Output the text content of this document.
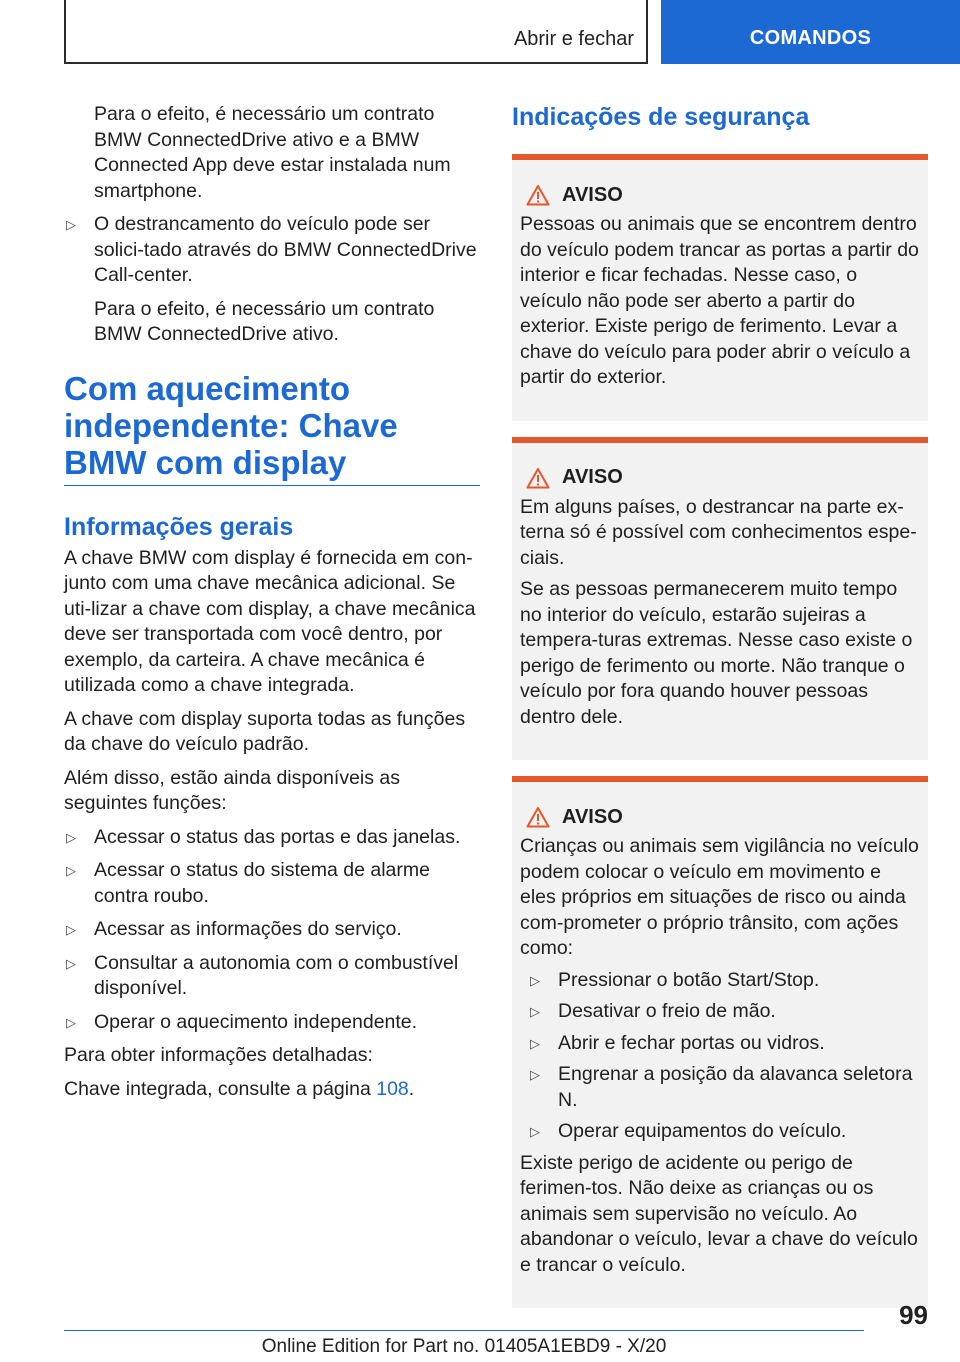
Abrir e fechar	COMANDOS

Para o efeito, é necessário um contrato BMW ConnectedDrive ativo e a BMW Connected App deve estar instalada num smartphone.

▷ O destrancamento do veículo pode ser solici‐tado através do BMW ConnectedDrive Call‐center.

Para o efeito, é necessário um contrato BMW ConnectedDrive ativo.

Com aquecimento independente: Chave BMW com display
Informações gerais

A chave BMW com display é fornecida em con‐junto com uma chave mecânica adicional. Se uti‐lizar a chave com display, a chave mecânica deve ser transportada com você dentro, por exemplo, da carteira. A chave mecânica é utilizada como a chave integrada.

A chave com display suporta todas as funções da chave do veículo padrão.

Além disso, estão ainda disponíveis as seguintes funções:

▷ Acessar o status das portas e das janelas.
▷ Acessar o status do sistema de alarme contra roubo.
▷ Acessar as informações do serviço.
▷ Consultar a autonomia com o combustível disponível.
▷ Operar o aquecimento independente.

Para obter informações detalhadas:

Chave integrada, consulte a página 108.

Indicações de segurança
AVISO

Pessoas ou animais que se encontrem dentro do veículo podem trancar as portas a partir do interior e ficar fechadas. Nesse caso, o veículo não pode ser aberto a partir do exterior. Existe perigo de ferimento. Levar a chave do veículo para poder abrir o veículo a partir do exterior.

AVISO

Em alguns países, o destrancar na parte ex‐terna só é possível com conhecimentos espe‐ciais.

Se as pessoas permanecerem muito tempo no interior do veículo, estarão sujeiras a tempera‐turas extremas. Nesse caso existe o perigo de ferimento ou morte. Não tranque o veículo por fora quando houver pessoas dentro dele.

AVISO

Crianças ou animais sem vigilância no veículo podem colocar o veículo em movimento e eles próprios em situações de risco ou ainda com‐prometer o próprio trânsito, com ações como:

▷ Pressionar o botão Start/Stop.
▷ Desativar o freio de mão.
▷ Abrir e fechar portas ou vidros.
▷ Engrenar a posição da alavanca seletora N.
▷ Operar equipamentos do veículo.

Existe perigo de acidente ou perigo de ferimen‐tos. Não deixe as crianças ou os animais sem supervisão no veículo. Ao abandonar o veículo, levar a chave do veículo e trancar o veículo.

99
Online Edition for Part no. 01405A1EBD9 - X/20
